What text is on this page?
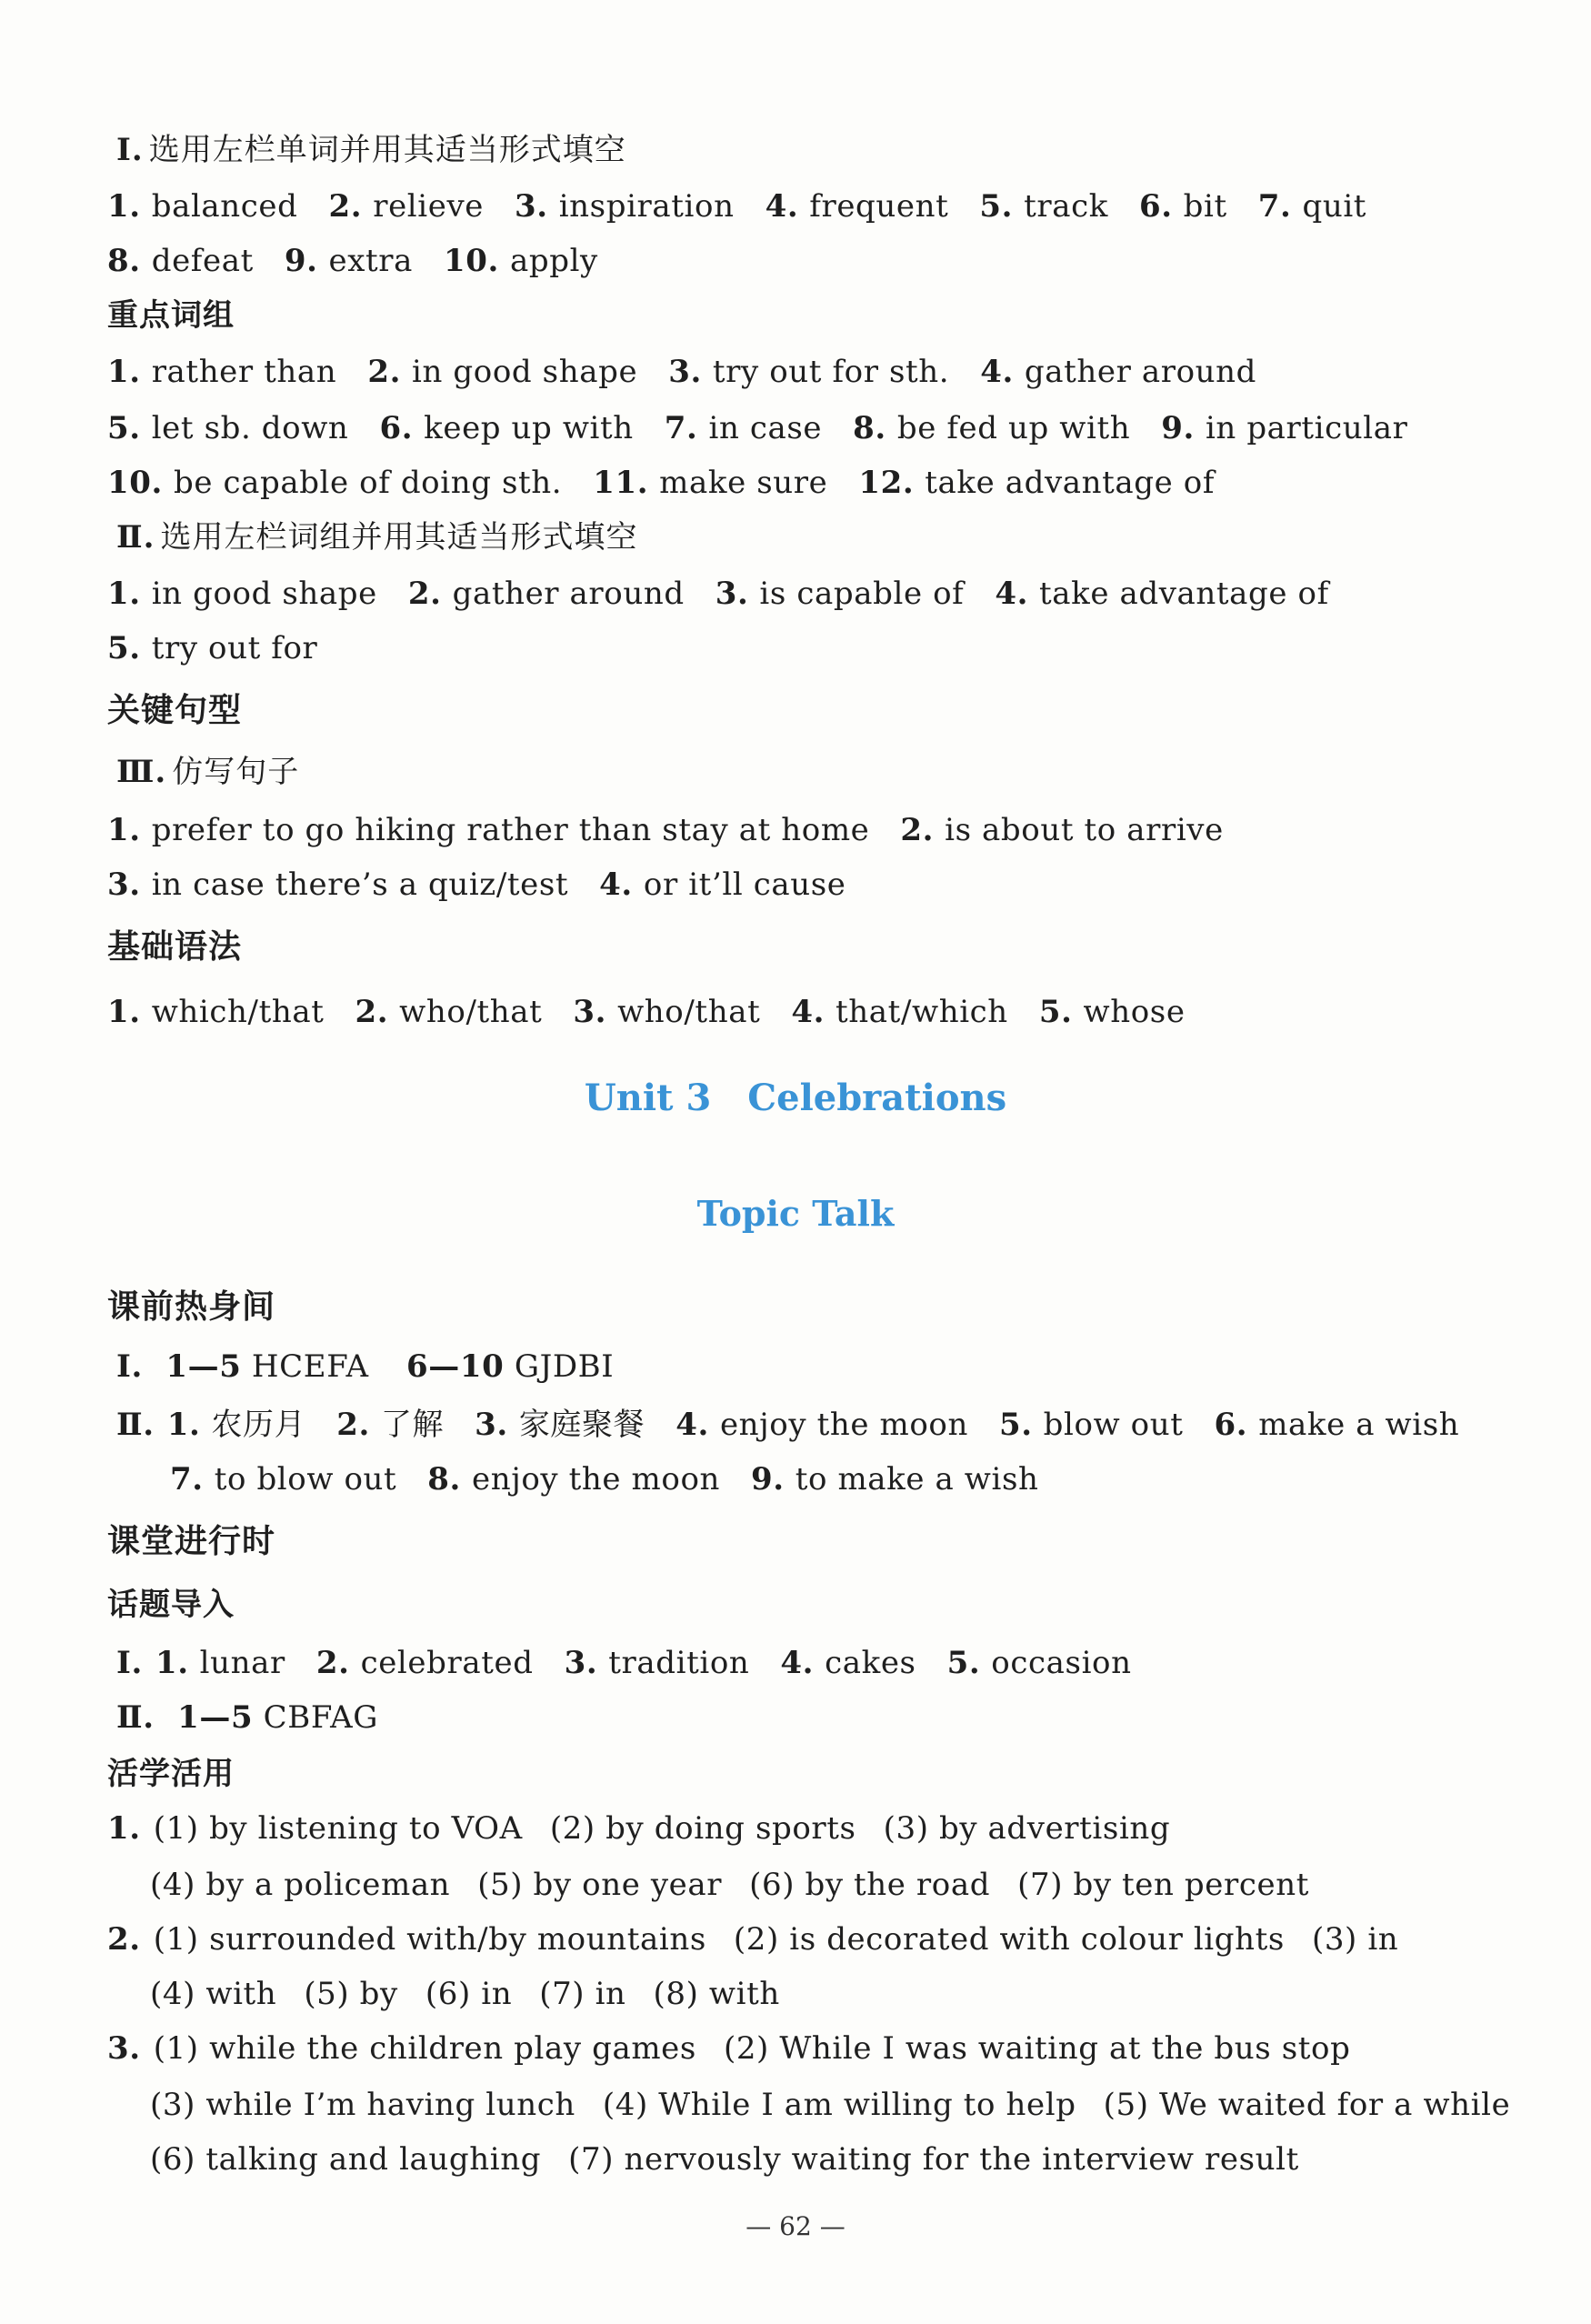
Ⅰ. 选用左栏单词并用其适当形式填空
1. balanced 2. relieve 3. inspiration 4. frequent 5. track 6. bit 7. quit
8. defeat 9. extra 10. apply
重点词组
1. rather than 2. in good shape 3. try out for sth. 4. gather around
5. let sb. down 6. keep up with 7. in case 8. be fed up with 9. in particular
10. be capable of doing sth. 11. make sure 12. take advantage of
Ⅱ. 选用左栏词组并用其适当形式填空
1. in good shape 2. gather around 3. is capable of 4. take advantage of
5. try out for
关键句型
Ⅲ. 仿写句子
1. prefer to go hiking rather than stay at home 2. is about to arrive
3. in case there’s a quiz/test 4. or it’ll cause
基础语法
1. which/that 2. who/that 3. who/that 4. that/which 5. whose
Unit 3 Celebrations
Topic Talk
课前热身间
Ⅰ. 1—5 HCEFA 6—10 GJDBI
Ⅱ. 1. 农历月 2. 了解 3. 家庭聚餐 4. enjoy the moon 5. blow out 6. make a wish
7. to blow out 8. enjoy the moon 9. to make a wish
课堂进行时
话题导入
Ⅰ. 1. lunar 2. celebrated 3. tradition 4. cakes 5. occasion
Ⅱ. 1—5 CBFAG
活学活用
1. (1) by listening to VOA (2) by doing sports (3) by advertising
(4) by a policeman (5) by one year (6) by the road (7) by ten percent
2. (1) surrounded with/by mountains (2) is decorated with colour lights (3) in
(4) with (5) by (6) in (7) in (8) with
3. (1) while the children play games (2) While I was waiting at the bus stop
(3) while I’m having lunch (4) While I am willing to help (5) We waited for a while
(6) talking and laughing (7) nervously waiting for the interview result
— 62 —
